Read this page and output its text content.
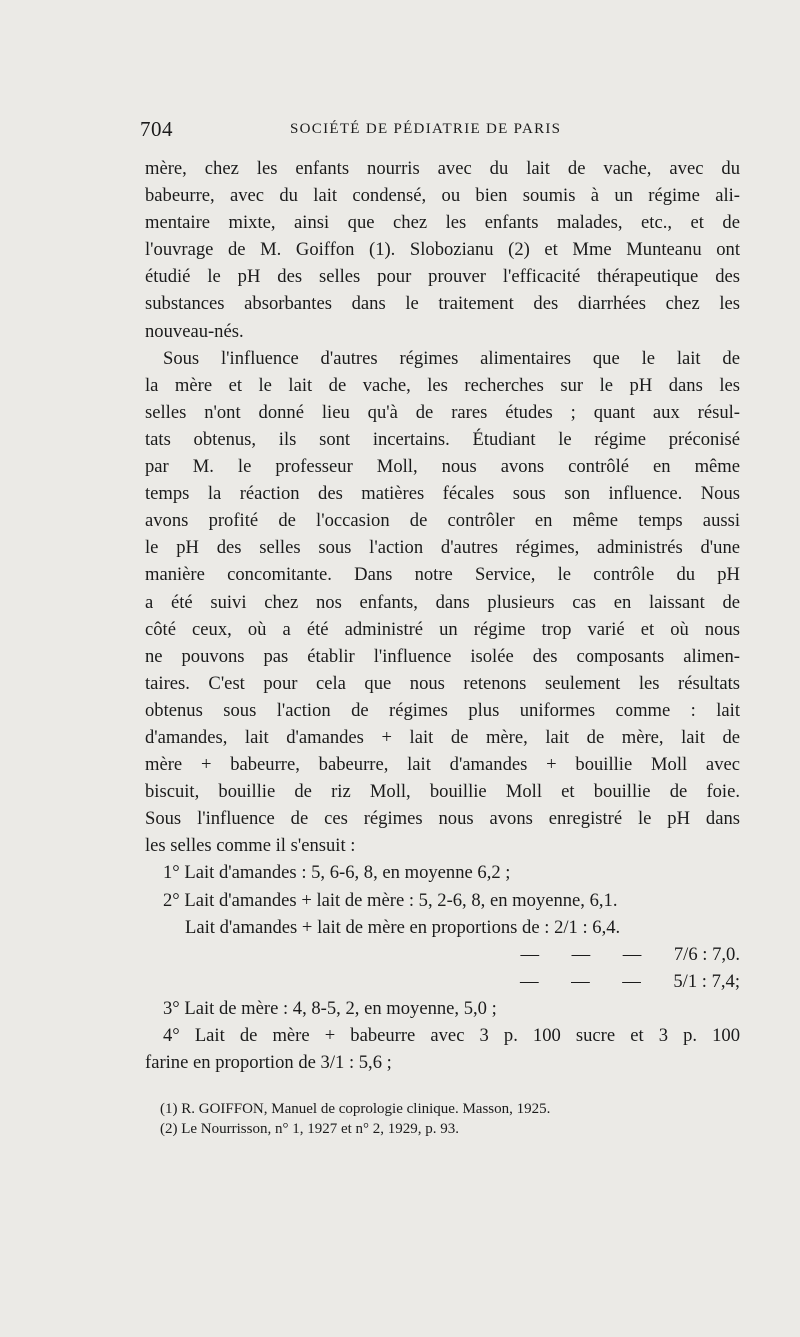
704	SOCIÉTÉ DE PÉDIATRIE DE PARIS
mère, chez les enfants nourris avec du lait de vache, avec du
babeurre, avec du lait condensé, ou bien soumis à un régime ali-
mentaire mixte, ainsi que chez les enfants malades, etc., et de
l'ouvrage de M. Goiffon (1). Slobozianu (2) et Mme Munteanu ont
étudié le pH des selles pour prouver l'efficacité thérapeutique des
substances absorbantes dans le traitement des diarrhées chez les
nouveau-nés.
Sous l'influence d'autres régimes alimentaires que le lait de
la mère et le lait de vache, les recherches sur le pH dans les
selles n'ont donné lieu qu'à de rares études ; quant aux résul-
tats obtenus, ils sont incertains. Étudiant le régime préconisé
par M. le professeur Moll, nous avons contrôlé en même
temps la réaction des matières fécales sous son influence. Nous
avons profité de l'occasion de contrôler en même temps aussi
le pH des selles sous l'action d'autres régimes, administrés d'une
manière concomitante. Dans notre Service, le contrôle du pH
a été suivi chez nos enfants, dans plusieurs cas en laissant de
côté ceux, où a été administré un régime trop varié et où nous
ne pouvons pas établir l'influence isolée des composants alimen-
taires. C'est pour cela que nous retenons seulement les résultats
obtenus sous l'action de régimes plus uniformes comme : lait
d'amandes, lait d'amandes + lait de mère, lait de mère, lait de
mère + babeurre, babeurre, lait d'amandes + bouillie Moll avec
biscuit, bouillie de riz Moll, bouillie Moll et bouillie de foie.
Sous l'influence de ces régimes nous avons enregistré le pH dans
les selles comme il s'ensuit :
1° Lait d'amandes : 5, 6-6, 8, en moyenne 6,2 ;
2° Lait d'amandes + lait de mère : 5, 2-6, 8, en moyenne, 6,1.
Lait d'amandes + lait de mère en proportions de : 2/1 : 6,4.
—       —       —       7/6 : 7,0.
—       —       —       5/1 : 7,4;
3° Lait de mère : 4, 8-5, 2, en moyenne, 5,0 ;
4° Lait de mère + babeurre avec 3 p. 100 sucre et 3 p. 100
farine en proportion de 3/1 : 5,6 ;
(1) R. GOIFFON, Manuel de coprologie clinique. Masson, 1925.
(2) Le Nourrisson, n° 1, 1927 et n° 2, 1929, p. 93.
